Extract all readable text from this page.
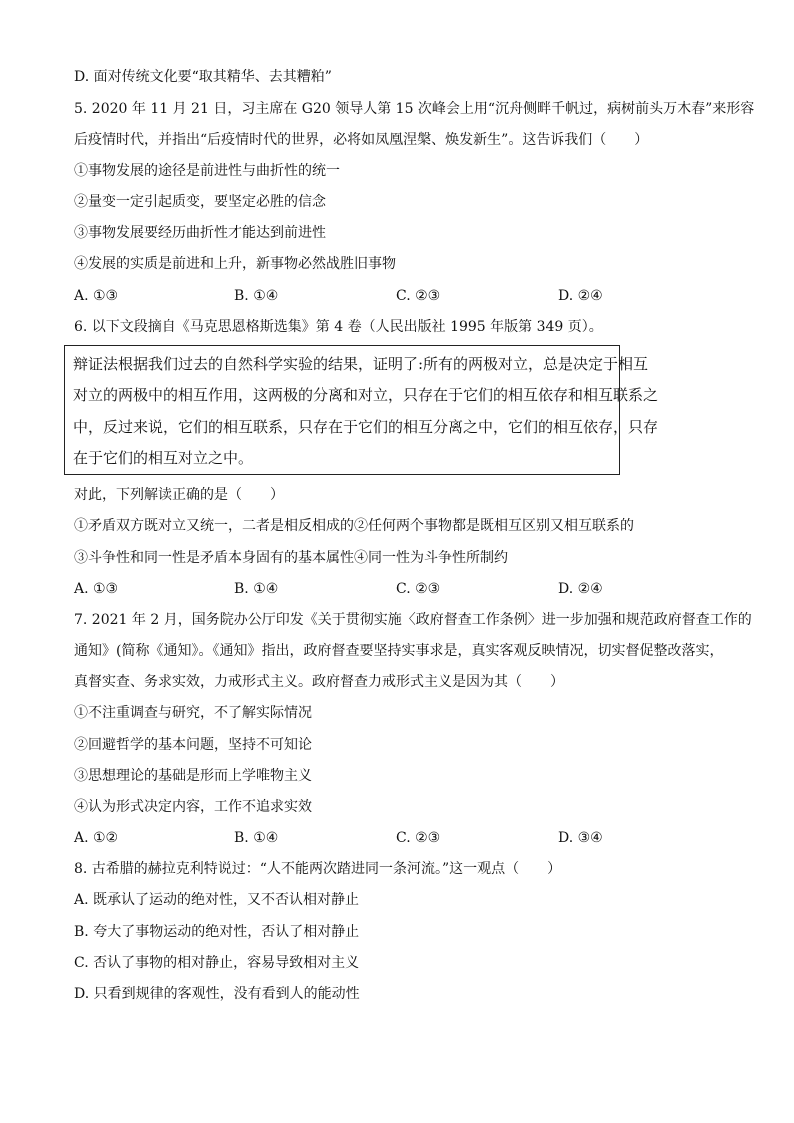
D. 面对传统文化要“取其精华、去其糟粕”
5. 2020 年 11 月 21 日，习主席在 G20 领导人第 15 次峰会上用“沉舟侧畔千帆过，病树前头万木春”来形容
后疫情时代，并指出“后疫情时代的世界，必将如凤凰涅槃、焕发新生”。这告诉我们（　　）
①事物发展的途径是前进性与曲折性的统一
②量变一定引起质变，要坚定必胜的信念
③事物发展要经历曲折性才能达到前进性
④发展的实质是前进和上升，新事物必然战胜旧事物
A. ①③	B. ①④	C. ②③	D. ②④
6. 以下文段摘自《马克思恩格斯选集》第 4 卷（人民出版社 1995 年版第 349 页）。
辩证法根据我们过去的自然科学实验的结果，证明了:所有的两极对立，总是决定于相互
对立的两极中的相互作用，这两极的分离和对立，只存在于它们的相互依存和相互联系之
中，反过来说，它们的相互联系，只存在于它们的相互分离之中，它们的相互依存，只存
在于它们的相互对立之中。
对此，下列解读正确的是（　　）
①矛盾双方既对立又统一，二者是相反相成的②任何两个事物都是既相互区别又相互联系的
③斗争性和同一性是矛盾本身固有的基本属性④同一性为斗争性所制约
A. ①③	B. ①④	C. ②③	D. ②④
7. 2021 年 2 月，国务院办公厅印发《关于贯彻实施〈政府督查工作条例〉进一步加强和规范政府督查工作的
通知》(简称《通知》。《通知》指出，政府督查要坚持实事求是，真实客观反映情况，切实督促整改落实，
真督实查、务求实效，力戒形式主义。政府督查力戒形式主义是因为其（　　）
①不注重调查与研究，不了解实际情况
②回避哲学的基本问题，坚持不可知论
③思想理论的基础是形而上学唯物主义
④认为形式决定内容，工作不追求实效
A. ①②	B. ①④	C. ②③	D. ③④
8. 古希腊的赫拉克利特说过：“人不能两次踏进同一条河流。”这一观点（　　）
A. 既承认了运动的绝对性，又不否认相对静止
B. 夸大了事物运动的绝对性，否认了相对静止
C. 否认了事物的相对静止，容易导致相对主义
D. 只看到规律的客观性，没有看到人的能动性
